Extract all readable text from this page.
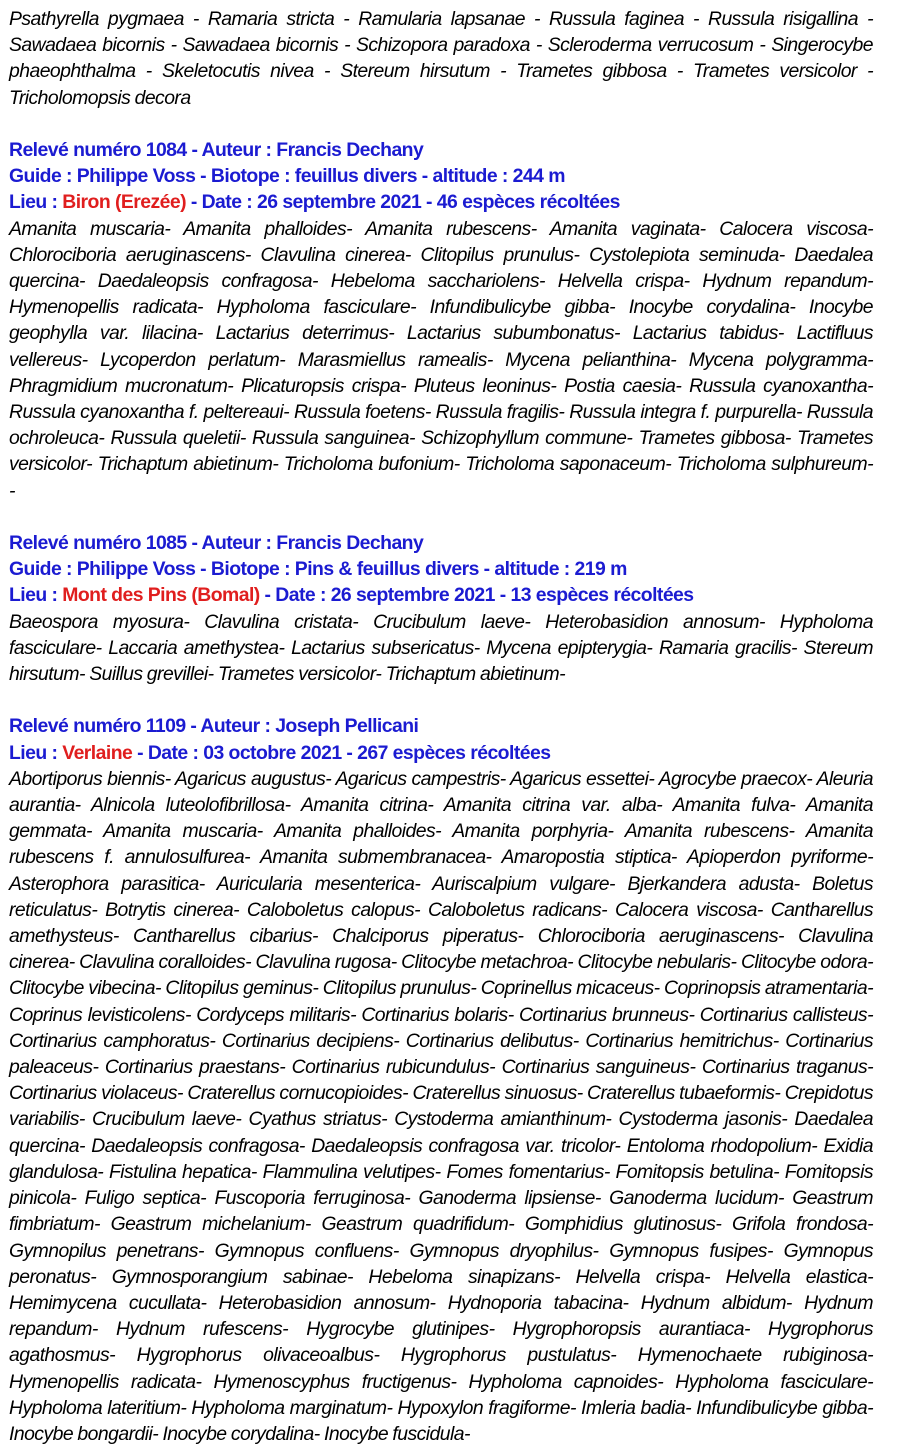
Psathyrella pygmaea - Ramaria stricta - Ramularia lapsanae - Russula faginea - Russula risigallina - Sawadaea bicornis - Sawadaea bicornis - Schizopora paradoxa - Scleroderma verrucosum - Singerocybe phaeophthalma - Skeletocutis nivea - Stereum hirsutum - Trametes gibbosa - Trametes versicolor - Tricholomopsis decora

Relevé numéro 1084 - Auteur : Francis Dechany

Guide : Philippe Voss - Biotope : feuillus divers - altitude : 244 m

Lieu : Biron (Erezée) - Date : 26 septembre 2021 - 46 espèces récoltées

Amanita muscaria- Amanita phalloides- Amanita rubescens- Amanita vaginata- Calocera viscosa- Chlorociboria aeruginascens- Clavulina cinerea- Clitopilus prunulus- Cystolepiota seminuda- Daedalea quercina- Daedaleopsis confragosa- Hebeloma sacchariolens- Helvella crispa- Hydnum repandum- Hymenopellis radicata- Hypholoma fasciculare- Infundibulicybe gibba- Inocybe corydalina- Inocybe geophylla var. lilacina- Lactarius deterrimus- Lactarius subumbonatus- Lactarius tabidus- Lactifluus vellereus- Lycoperdon perlatum- Marasmiellus ramealis- Mycena pelianthina- Mycena polygramma- Phragmidium mucronatum- Plicaturopsis crispa- Pluteus leoninus- Postia caesia- Russula cyanoxantha- Russula cyanoxantha f. peltereaui- Russula foetens- Russula fragilis- Russula integra f. purpurella- Russula ochroleuca- Russula queletii- Russula sanguinea- Schizophyllum commune- Trametes gibbosa- Trametes versicolor- Trichaptum abietinum- Tricholoma bufonium- Tricholoma saponaceum- Tricholoma sulphureum- -

Relevé numéro 1085 - Auteur : Francis Dechany

Guide : Philippe Voss - Biotope : Pins & feuillus divers - altitude : 219 m

Lieu : Mont des Pins (Bomal) - Date : 26 septembre 2021 - 13 espèces récoltées

Baeospora myosura- Clavulina cristata- Crucibulum laeve- Heterobasidion annosum- Hypholoma fasciculare- Laccaria amethystea- Lactarius subsericatus- Mycena epipterygia- Ramaria gracilis- Stereum hirsutum- Suillus grevillei- Trametes versicolor- Trichaptum abietinum-

Relevé numéro 1109 - Auteur : Joseph Pellicani

Lieu : Verlaine - Date : 03 octobre 2021 - 267 espèces récoltées

Abortiporus biennis- Agaricus augustus- Agaricus campestris- Agaricus essettei- Agrocybe praecox- Aleuria aurantia- Alnicola luteolofibrillosa- Amanita citrina- Amanita citrina var. alba- Amanita fulva- Amanita gemmata- Amanita muscaria- Amanita phalloides- Amanita porphyria- Amanita rubescens- Amanita rubescens f. annulosulfurea- Amanita submembranacea- Amaropostia stiptica- Apioperdon pyriforme- Asterophora parasitica- Auricularia mesenterica- Auriscalpium vulgare- Bjerkandera adusta- Boletus reticulatus- Botrytis cinerea- Caloboletus calopus- Caloboletus radicans- Calocera viscosa- Cantharellus amethysteus- Cantharellus cibarius- Chalciporus piperatus- Chlorociboria aeruginascens- Clavulina cinerea- Clavulina coralloides- Clavulina rugosa- Clitocybe metachroa- Clitocybe nebularis- Clitocybe odora- Clitocybe vibecina- Clitopilus geminus- Clitopilus prunulus- Coprinellus micaceus- Coprinopsis atramentaria- Coprinus levisticolens- Cordyceps militaris- Cortinarius bolaris- Cortinarius brunneus- Cortinarius callisteus- Cortinarius camphoratus- Cortinarius decipiens- Cortinarius delibutus- Cortinarius hemitrichus- Cortinarius paleaceus- Cortinarius praestans- Cortinarius rubicundulus- Cortinarius sanguineus- Cortinarius traganus- Cortinarius violaceus- Craterellus cornucopioides- Craterellus sinuosus- Craterellus tubaeformis- Crepidotus variabilis- Crucibulum laeve- Cyathus striatus- Cystoderma amianthinum- Cystoderma jasonis- Daedalea quercina- Daedaleopsis confragosa- Daedaleopsis confragosa var. tricolor- Entoloma rhodopolium- Exidia glandulosa- Fistulina hepatica- Flammulina velutipes- Fomes fomentarius- Fomitopsis betulina- Fomitopsis pinicola- Fuligo septica- Fuscoporia ferruginosa- Ganoderma lipsiense- Ganoderma lucidum- Geastrum fimbriatum- Geastrum michelanium- Geastrum quadrifidum- Gomphidius glutinosus- Grifola frondosa- Gymnopilus penetrans- Gymnopus confluens- Gymnopus dryophilus- Gymnopus fusipes- Gymnopus peronatus- Gymnosporangium sabinae- Hebeloma sinapizans- Helvella crispa- Helvella elastica- Hemimycena cucullata- Heterobasidion annosum- Hydnoporia tabacina- Hydnum albidum- Hydnum repandum- Hydnum rufescens- Hygrocybe glutinipes- Hygrophoropsis aurantiaca- Hygrophorus agathosmus- Hygrophorus olivaceoalbus- Hygrophorus pustulatus- Hymenochaete rubiginosa- Hymenopellis radicata- Hymenoscyphus fructigenus- Hypholoma capnoides- Hypholoma fasciculare- Hypholoma lateritium- Hypholoma marginatum- Hypoxylon fragiforme- Imleria badia- Infundibulicybe gibba- Inocybe bongardii- Inocybe corydalina- Inocybe fuscidula-
